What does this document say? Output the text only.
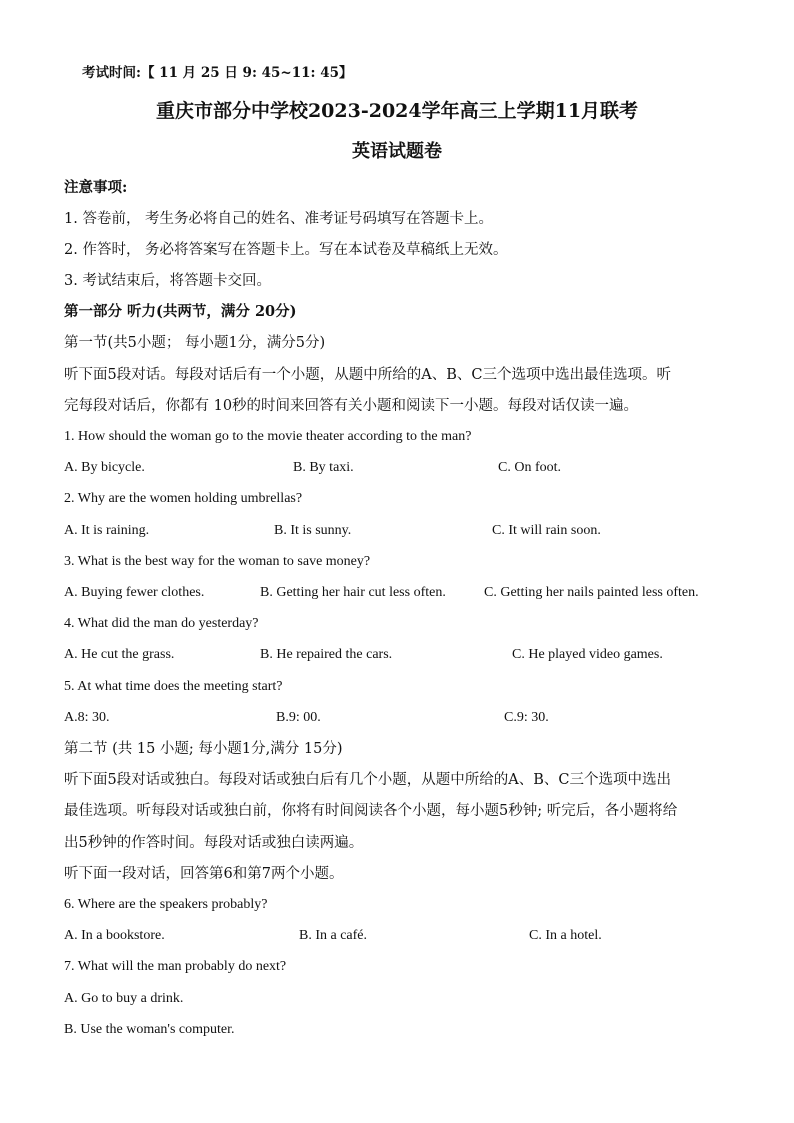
考试时间:【 11 月 25 日 9: 45~11: 45】
重庆市部分中学校2023-2024学年高三上学期11月联考
英语试题卷
注意事项:
1. 答卷前， 考生务必将自己的姓名、准考证号码填写在答题卡上。
2. 作答时， 务必将答案写在答题卡上。写在本试卷及草稿纸上无效。
3. 考试结束后，将答题卡交回。
第一部分 听力(共两节，满分 20分)
第一节(共5小题； 每小题1分，满分5分)
听下面5段对话。每段对话后有一个小题，从题中所给的A、B、C三个选项中选出最佳选项。听
完每段对话后，你都有 10秒的时间来回答有关小题和阅读下一小题。每段对话仅读一遍。
1. How should the woman go to the movie theater according to the man?
A. By bicycle.	B. By taxi.	C. On foot.
2. Why are the women holding umbrellas?
A. It is raining.	B. It is sunny.	C. It will rain soon.
3. What is the best way for the woman to save money?
A. Buying fewer clothes.	B. Getting her hair cut less often.	C. Getting her nails painted less often.
4. What did the man do yesterday?
A. He cut the grass.	B. He repaired the cars.	C. He played video games.
5. At what time does the meeting start?
A.8: 30.	B.9: 00.	C.9: 30.
第二节 (共 15 小题; 每小题1分,满分 15分)
听下面5段对话或独白。每段对话或独白后有几个小题，从题中所给的A、B、C三个选项中选出
最佳选项。听每段对话或独白前，你将有时间阅读各个小题，每小题5秒钟; 听完后，各小题将给
出5秒钟的作答时间。每段对话或独白读两遍。
听下面一段对话，回答第6和第7两个小题。
6. Where are the speakers probably?
A. In a bookstore.	B. In a café.	C. In a hotel.
7. What will the man probably do next?
A. Go to buy a drink.
B. Use the woman's computer.
